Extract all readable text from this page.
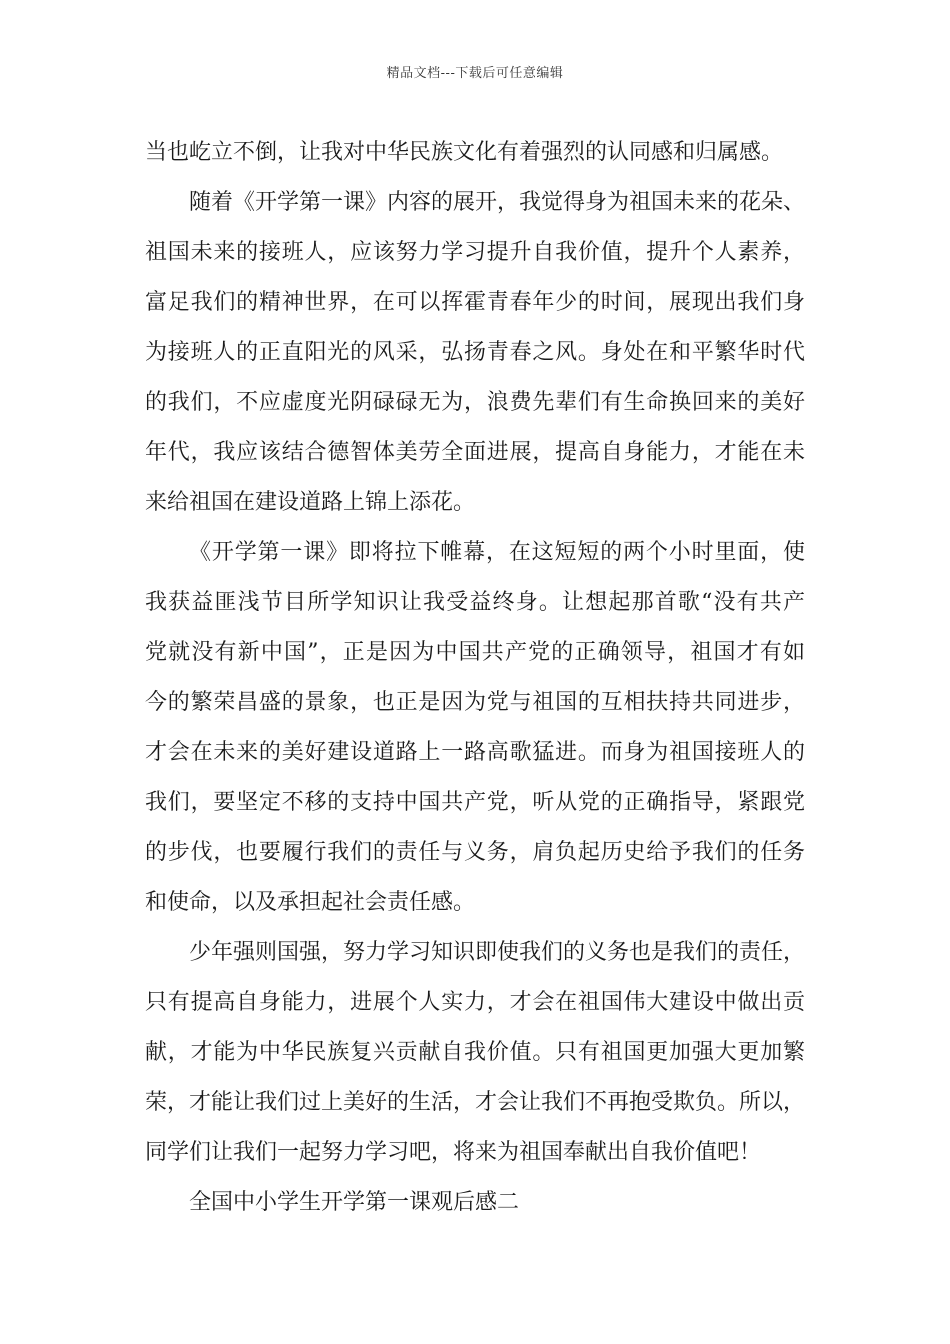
精品文档---下载后可任意编辑
当也屹立不倒，让我对中华民族文化有着强烈的认同感和归属感。
随着《开学第一课》内容的展开，我觉得身为祖国未来的花朵、
祖国未来的接班人，应该努力学习提升自我价值，提升个人素养，
富足我们的精神世界，在可以挥霍青春年少的时间，展现出我们身
为接班人的正直阳光的风采，弘扬青春之风。身处在和平繁华时代
的我们，不应虚度光阴碌碌无为，浪费先辈们有生命换回来的美好
年代，我应该结合德智体美劳全面进展，提高自身能力，才能在未
来给祖国在建设道路上锦上添花。
《开学第一课》即将拉下帷幕，在这短短的两个小时里面，使
我获益匪浅节目所学知识让我受益终身。让想起那首歌“没有共产
党就没有新中国”，正是因为中国共产党的正确领导，祖国才有如
今的繁荣昌盛的景象，也正是因为党与祖国的互相扶持共同进步，
才会在未来的美好建设道路上一路高歌猛进。而身为祖国接班人的
我们，要坚定不移的支持中国共产党，听从党的正确指导，紧跟党
的步伐，也要履行我们的责任与义务，肩负起历史给予我们的任务
和使命，以及承担起社会责任感。
少年强则国强，努力学习知识即使我们的义务也是我们的责任，
只有提高自身能力，进展个人实力，才会在祖国伟大建设中做出贡
献，才能为中华民族复兴贡献自我价值。只有祖国更加强大更加繁
荣，才能让我们过上美好的生活，才会让我们不再抱受欺负。所以，
同学们让我们一起努力学习吧，将来为祖国奉献出自我价值吧！
全国中小学生开学第一课观后感二
